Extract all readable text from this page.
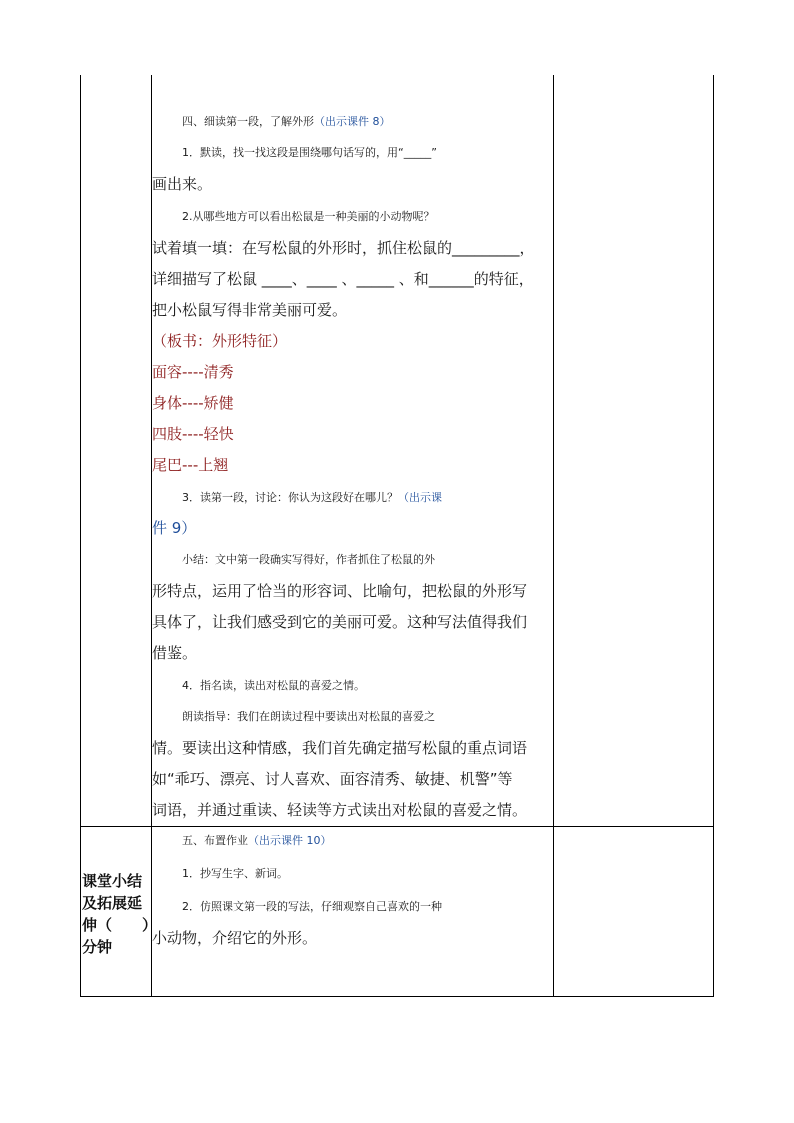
四、细读第一段，了解外形（出示课件 8）
1．默读，找一找这段是围绕哪句话写的，用“_____”
画出来。
2.从哪些地方可以看出松鼠是一种美丽的小动物呢？
试着填一填：在写松鼠的外形时，抓住松鼠的_________，
详细描写了松鼠 ____、____ 、_____ 、和______的特征，
把小松鼠写得非常美丽可爱。
（板书：外形特征）
面容----清秀
身体----矫健
四肢----轻快
尾巴---上翘
3．读第一段，讨论：你认为这段好在哪儿？（出示课
件 9）
小结：文中第一段确实写得好，作者抓住了松鼠的外
形特点，运用了恰当的形容词、比喻句，把松鼠的外形写
具体了，让我们感受到它的美丽可爱。这种写法值得我们
借鉴。
4．指名读，读出对松鼠的喜爱之情。
朗读指导：我们在朗读过程中要读出对松鼠的喜爱之
情。要读出这种情感，我们首先确定描写松鼠的重点词语
如“乖巧、漂亮、讨人喜欢、面容清秀、敏捷、机警”等
词语，并通过重读、轻读等方式读出对松鼠的喜爱之情。
课堂小结
及拓展延
伸（　　）
分钟
五、布置作业（出示课件 10）
1．抄写生字、新词。
2．仿照课文第一段的写法，仔细观察自己喜欢的一种
小动物，介绍它的外形。
